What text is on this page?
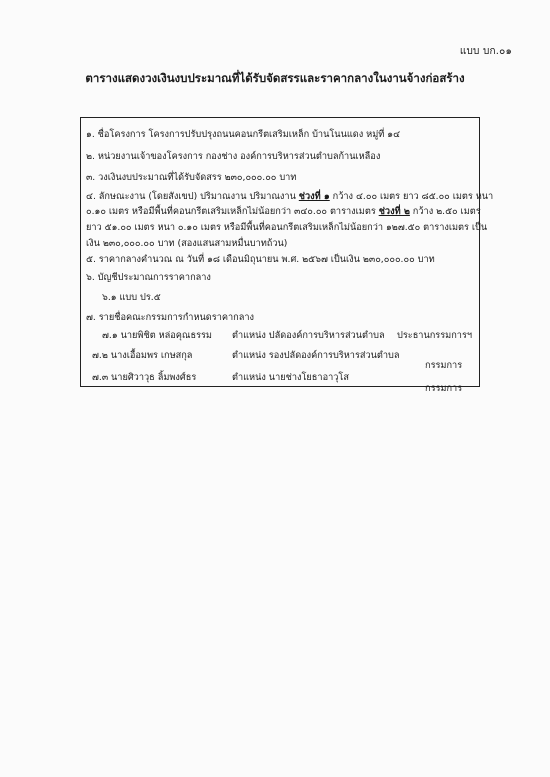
แบบ บก.๐๑
ตารางแสดงวงเงินงบประมาณที่ได้รับจัดสรรและราคากลางในงานจ้างก่อสร้าง
๑. ชื่อโครงการ โครงการปรับปรุงถนนคอนกรีตเสริมเหล็ก บ้านโนนแดง หมู่ที่ ๑๔
๒. หน่วยงานเจ้าของโครงการ กองช่าง องค์การบริหารส่วนตำบลก้านเหลือง
๓. วงเงินงบประมาณที่ได้รับจัดสรร ๒๓๐,๐๐๐.๐๐ บาท
๔. ลักษณะงาน (โดยสังเขป) ปริมาณงาน ปริมาณงาน ช่วงที่ ๑ กว้าง ๔.๐๐ เมตร ยาว ๘๕.๐๐ เมตร หนา
๐.๑๐ เมตร หรือมีพื้นที่คอนกรีตเสริมเหล็กไม่น้อยกว่า ๓๔๐.๐๐ ตารางเมตร ช่วงที่ ๒ กว้าง ๒.๕๐ เมตร
ยาว ๕๑.๐๐ เมตร หนา ๐.๑๐ เมตร หรือมีพื้นที่คอนกรีตเสริมเหล็กไม่น้อยกว่า ๑๒๗.๕๐ ตารางเมตร เป็น
เงิน ๒๓๐,๐๐๐.๐๐ บาท (สองแสนสามหมื่นบาทถ้วน)
๕. ราคากลางคำนวณ ณ วันที่ ๑๘ เดือนมิถุนายน พ.ศ. ๒๕๖๗ เป็นเงิน ๒๓๐,๐๐๐.๐๐ บาท
๖. บัญชีประมาณการราคากลาง
๖.๑ แบบ ปร.๕
๗. รายชื่อคณะกรรมการกำหนดราคากลาง
๗.๑ นายพิชิต หล่อคุณธรรม ตำแหน่ง ปลัดองค์การบริหารส่วนตำบล ประธานกรรมการฯ
๗.๒ นางเอื้อมพร เกษสกุล	ตำแหน่ง รองปลัดองค์การบริหารส่วนตำบล
กรรมการ
๗.๓ นายศิวาวุธ ลิ้มพงศ์ธร	ตำแหน่ง นายช่างโยธาอาวุโส
กรรมการ
